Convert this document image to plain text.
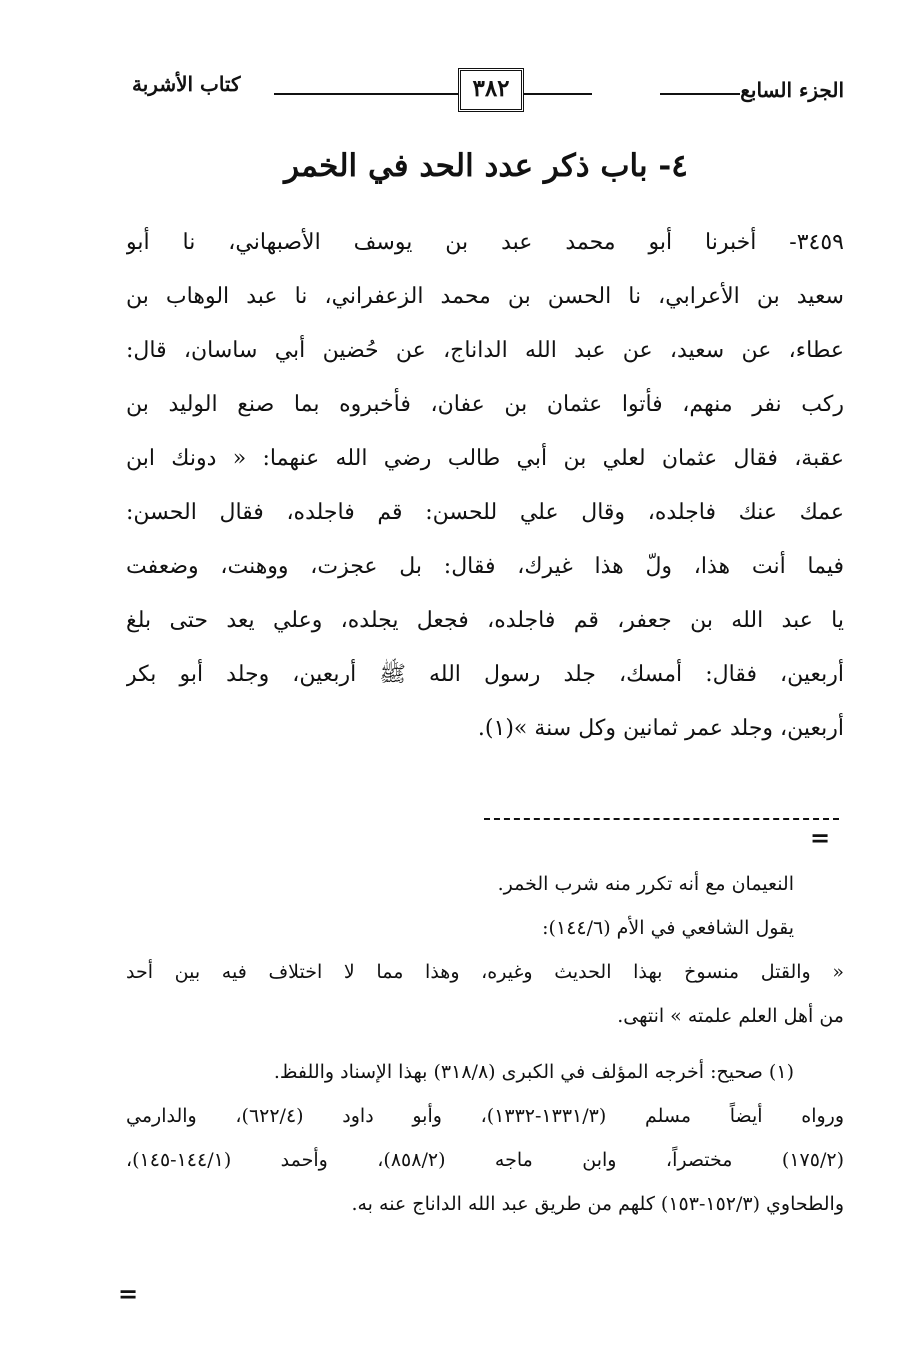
كتاب الأشربة	٣٨٢	الجزء السابع
٤- باب ذكر عدد الحد في الخمر
٣٤٥٩- أخبرنا أبو محمد عبد بن يوسف الأصبهاني، نا أبو
سعيد بن الأعرابي، نا الحسن بن محمد الزعفراني، نا عبد الوهاب بن
عطاء، عن سعيد، عن عبد الله الداناج، عن حُضين أبي ساسان، قال:
ركب نفر منهم، فأتوا عثمان بن عفان، فأخبروه بما صنع الوليد بن
عقبة، فقال عثمان لعلي بن أبي طالب رضي الله عنهما: « دونك ابن
عمك عنك فاجلده، وقال علي للحسن: قم فاجلده، فقال الحسن:
فيما أنت هذا، ولّ هذا غيرك، فقال: بل عجزت، ووهنت، وضعفت
يا عبد الله بن جعفر، قم فاجلده، فجعل يجلده، وعلي يعد حتى بلغ
أربعين، فقال: أمسك، جلد رسول الله ﷺ أربعين، وجلد أبو بكر
أربعين، وجلد عمر ثمانين وكل سنة »(١).
=
النعيمان مع أنه تكرر منه شرب الخمر.
يقول الشافعي في الأم (١٤٤/٦):
« والقتل منسوخ بهذا الحديث وغيره، وهذا مما لا اختلاف فيه بين أحد
من أهل العلم علمته » انتهى.
(١) صحيح: أخرجه المؤلف في الكبرى (٣١٨/٨) بهذا الإسناد واللفظ.
ورواه أيضاً مسلم (١٣٣١/٣-١٣٣٢)، وأبو داود (٦٢٢/٤)، والدارمي
(١٧٥/٢) مختصراً، وابن ماجه (٨٥٨/٢)، وأحمد (١٤٤/١-١٤٥)،
والطحاوي (١٥٢/٣-١٥٣) كلهم من طريق عبد الله الداناج عنه به.
=
